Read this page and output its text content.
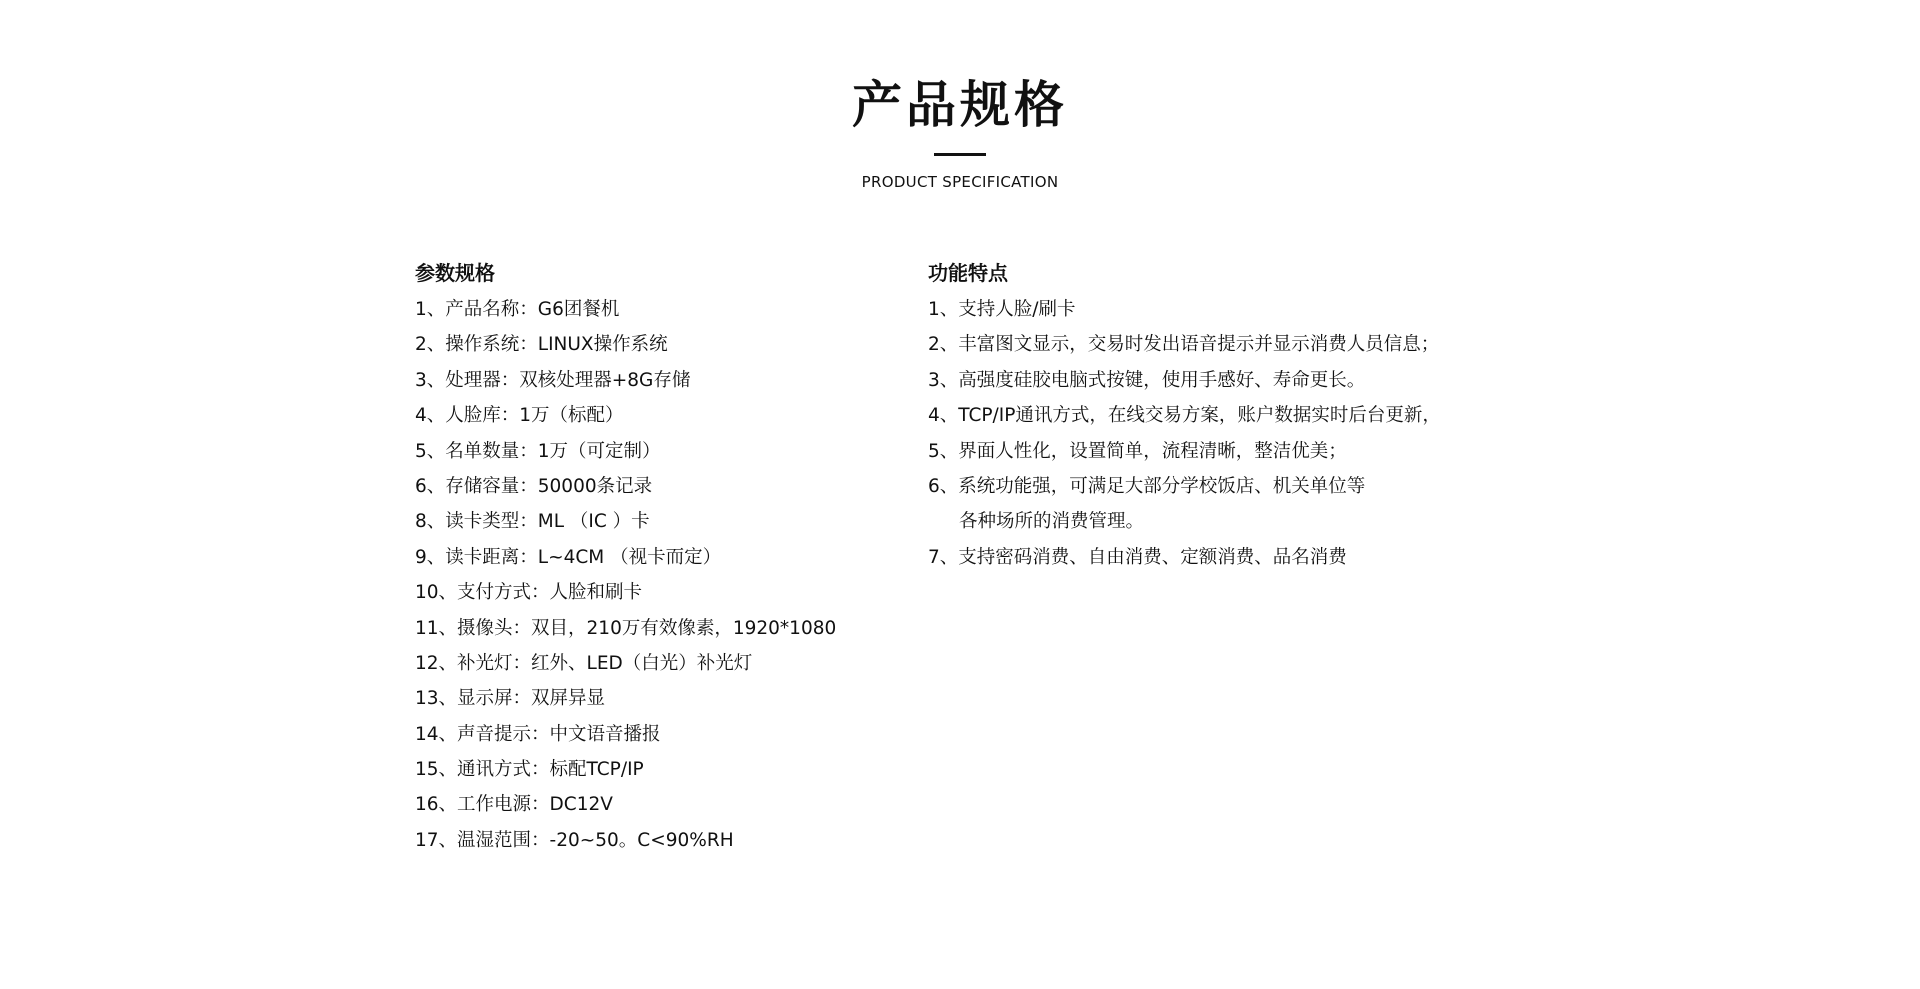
产品规格
PRODUCT SPECIFICATION
参数规格
1、产品名称：G6团餐机
2、操作系统：LINUX操作系统
3、处理器：双核处理器+8G存储
4、人脸库：1万（标配）
5、名单数量：1万（可定制）
6、存储容量：50000条记录
8、读卡类型：ML （IC ）卡
9、读卡距离：L~4CM （视卡而定）
10、支付方式：人脸和刷卡
11、摄像头：双目，210万有效像素，1920*1080
12、补光灯：红外、LED（白光）补光灯
13、显示屏：双屏异显
14、声音提示：中文语音播报
15、通讯方式：标配TCP/IP
16、工作电源：DC12V
17、温湿范围：-20~50。C<90%RH
功能特点
1、支持人脸/刷卡
2、丰富图文显示，交易时发出语音提示并显示消费人员信息；
3、高强度硅胶电脑式按键，使用手感好、寿命更长。
4、TCP/IP通讯方式，在线交易方案，账户数据实时后台更新，
5、界面人性化，设置简单，流程清晰，整洁优美；
6、系统功能强，可满足大部分学校饭店、机关单位等
各种场所的消费管理。
7、支持密码消费、自由消费、定额消费、品名消费
